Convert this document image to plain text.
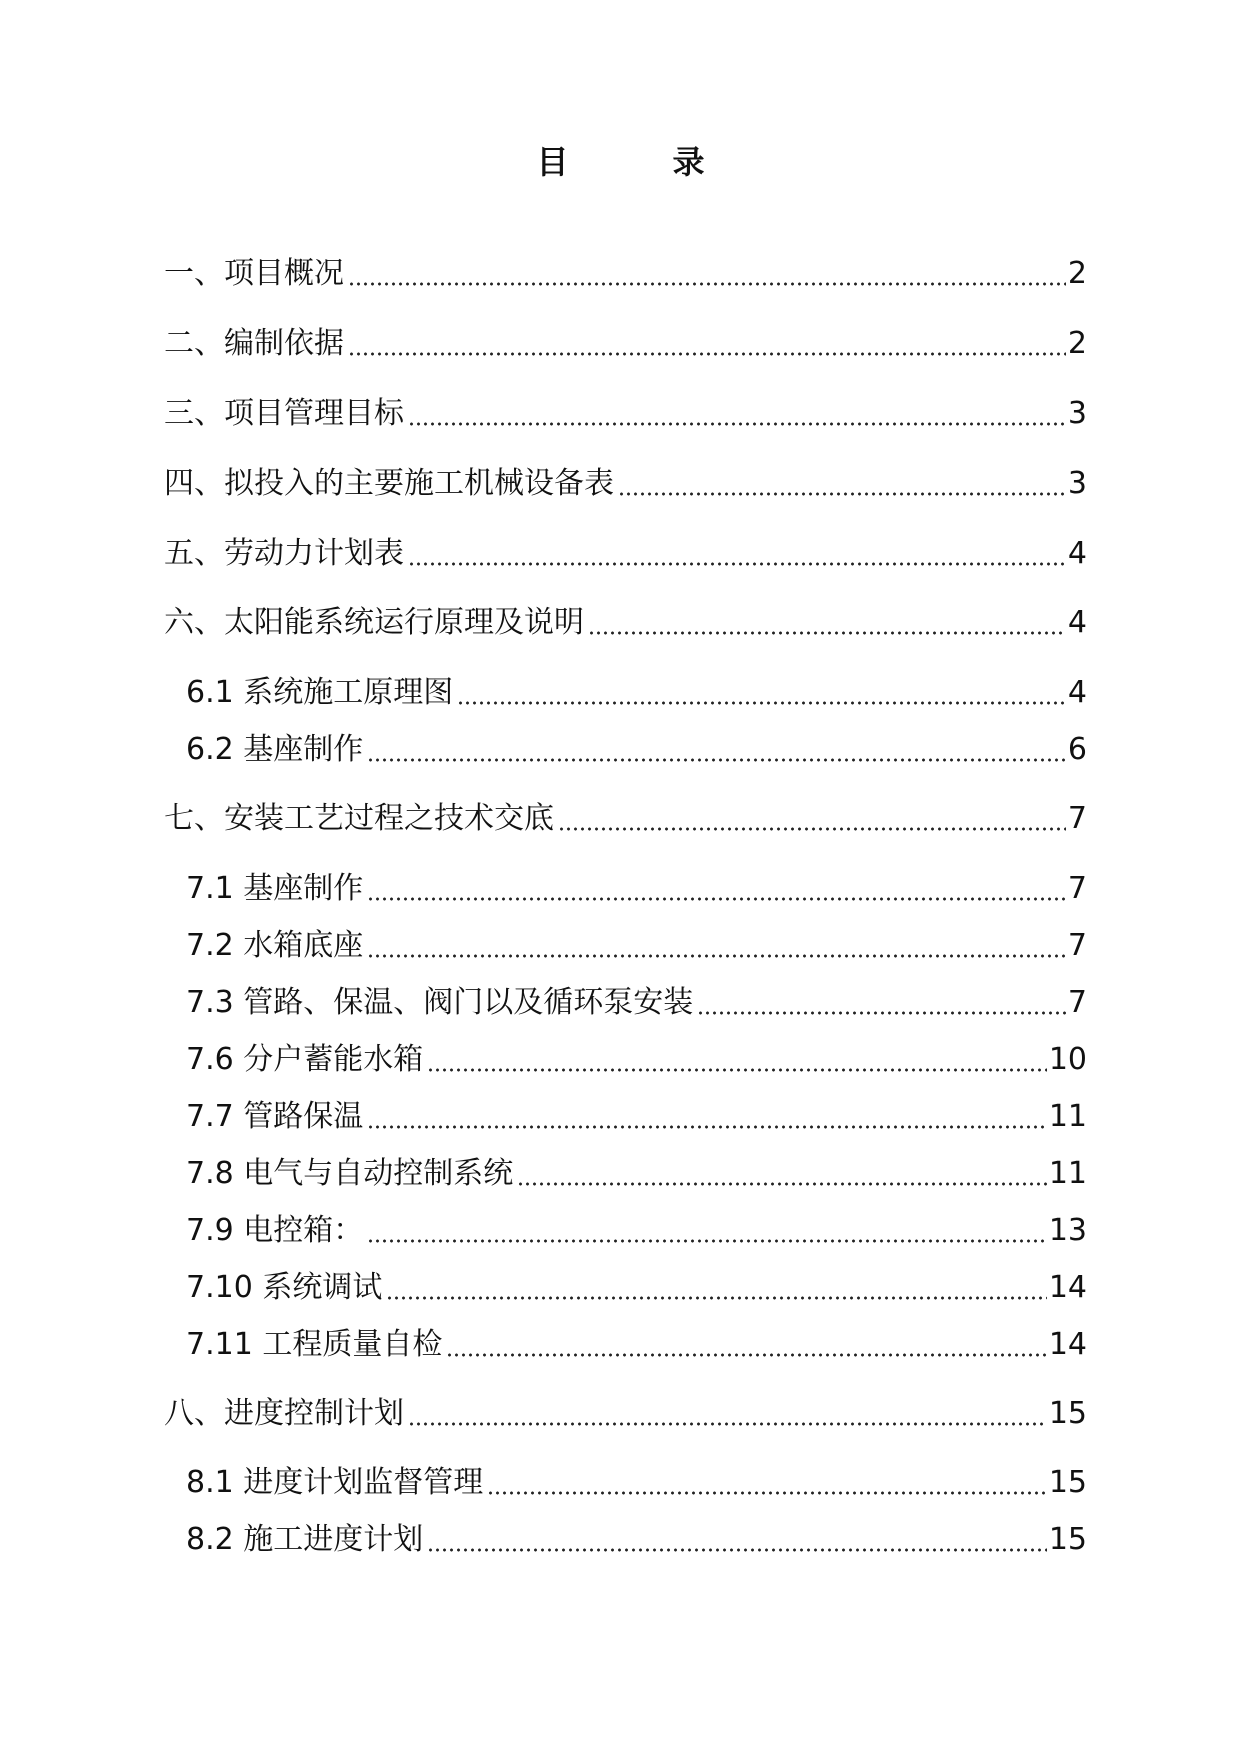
目　录
一、项目概况	2
二、编制依据	2
三、项目管理目标	3
四、拟投入的主要施工机械设备表	3
五、劳动力计划表	4
六、太阳能系统运行原理及说明	4
6.1 系统施工原理图	4
6.2 基座制作	6
七、安装工艺过程之技术交底	7
7.1 基座制作	7
7.2 水箱底座	7
7.3 管路、保温、阀门以及循环泵安装	7
7.6 分户蓄能水箱	10
7.7 管路保温	11
7.8 电气与自动控制系统	11
7.9 电控箱：	13
7.10 系统调试	14
7.11 工程质量自检	14
八、进度控制计划	15
8.1 进度计划监督管理	15
8.2 施工进度计划	15
